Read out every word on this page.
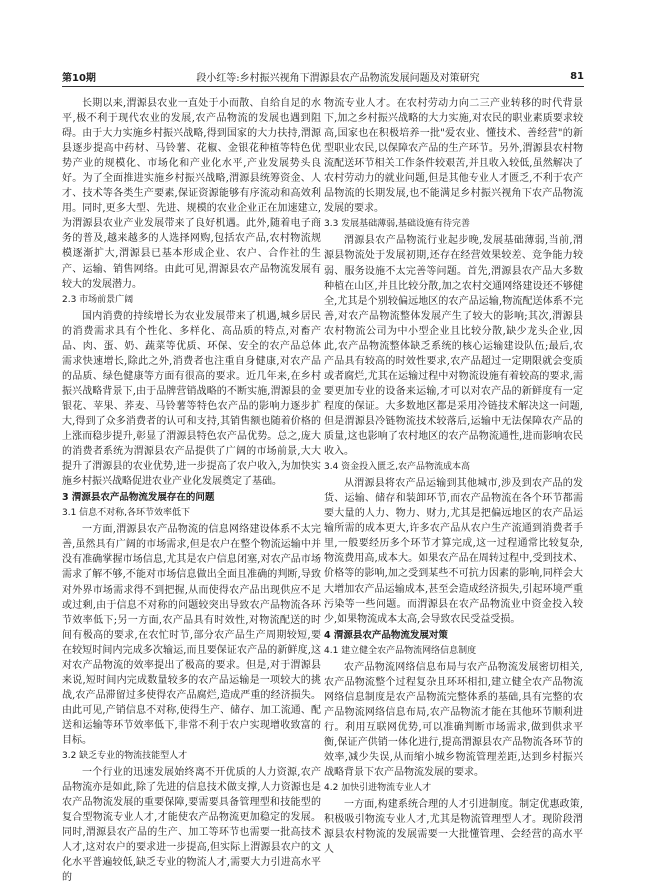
第10期	段小红等:乡村振兴视角下渭源县农产品物流发展问题及对策研究	81

长期以来,渭源县农业一直处于小而散、自给自足的水平,极不利于现代农业的发展,农产品物流的发展也遇到阻碍。由于大力实施乡村振兴战略,得到国家的大力扶持,渭源县逐步提高中药材、马铃薯、花椒、金银花种植等特色优势产业的规模化、市场化和产业化水平,产业发展势头良好。为了全面推进实施乡村振兴战略,渭源县统筹资金、人才、技术等各类生产要素,保证资源能够有序流动和高效利用。同时,更多大型、先进、规模的农业企业正在加速建立,为渭源县农业产业发展带来了良好机遇。此外,随着电子商务的普及,越来越多的人选择网购,包括农产品,农村物流规模逐渐扩大,渭源县已基本形成企业、农户、合作社的生产、运输、销售网络。由此可见,渭源县农产品物流发展有较大的发展潜力。

2.3 市场前景广阔

国内消费的持续增长为农业发展带来了机遇,城乡居民的消费需求具有个性化、多样化、高品质的特点,对畜产品、肉、蛋、奶、蔬菜等优质、环保、安全的农产品总体需求快速增长,除此之外,消费者也注重自身健康,对农产品的品质、绿色健康等方面有很高的要求。近几年来,在乡村振兴战略背景下,由于品牌营销战略的不断实施,渭源县的金银花、苹果、荞麦、马铃薯等特色农产品的影响力逐步扩大,得到了众多消费者的认可和支持,其销售额也随着价格的上涨而稳步提升,彰显了渭源县特色农产品优势。总之,庞大的消费者系统为渭源县农产品提供了广阔的市场前景,大大提升了渭源县的农业优势,进一步提高了农户收入,为加快实施乡村振兴战略促进农业产业化发展奠定了基础。

3 渭源县农产品物流发展存在的问题
3.1 信息不对称,各环节效率低下

一方面,渭源县农产品物流的信息网络建设体系不太完善,虽然具有广阔的市场需求,但是农户在整个物流运输中并没有准确掌握市场信息,尤其是农户信息闭塞,对农产品市场需求了解不够,不能对市场信息做出全面且准确的判断,导致对外界市场需求得不到把握,从而使得农产品出现供应不足或过剩,由于信息不对称的问题较突出导致农产品物流各环节效率低下;另一方面,农产品具有时效性,对物流配送的时间有极高的要求,在农忙时节,部分农产品生产周期较短,要在较短时间内完成多次输运,而且要保证农产品的新鲜度,这对农产品物流的效率提出了极高的要求。但是,对于渭源县来说,短时间内完成数量较多的农产品运输是一项较大的挑战,农产品滞留过多使得农产品腐烂,造成严重的经济损失。由此可见,产销信息不对称,使得生产、储存、加工流通、配送和运输等环节效率低下,非常不利于农户实现增收致富的目标。

3.2 缺乏专业的物流技能型人才

一个行业的迅速发展始终离不开优质的人力资源,农产品物流亦是如此,除了先进的信息技术做支撑,人力资源也是农产品物流发展的重要保障,要需要具备管理型和技能型的复合型物流专业人才,才能使农产品物流更加稳定的发展。同时,渭源县农产品的生产、加工等环节也需要一批高技术人才,这对农户的要求进一步提高,但实际上渭源县农户的文化水平普遍较低,缺乏专业的物流人才,需要大力引进高水平的

物流专业人才。在农村劳动力向二三产业转移的时代背景下,加之乡村振兴战略的大力实施,对农民的职业素质要求较高,国家也在积极培养一批"爱农业、懂技术、善经营"的新型职业农民,以保障农产品的生产环节。另外,渭源县农村物流配送环节相关工作条件较艰苦,并且收入较低,虽然解决了农村劳动力的就业问题,但是其他专业人才匮乏,不利于农产品物流的长期发展,也不能满足乡村振兴视角下农产品物流发展的要求。

3.3 发展基础薄弱,基础设施有待完善

渭源县农产品物流行业起步晚,发展基础薄弱,当前,渭源县物流处于发展初期,还存在经营效果较差、竞争能力较弱、服务设施不太完善等问题。首先,渭源县农产品大多数种植在山区,并且比较分散,加之农村交通网络建设还不够健全,尤其是个别较偏远地区的农产品运输,物流配送体系不完善,对农产品物流整体发展产生了较大的影响;其次,渭源县农村物流公司为中小型企业且比较分散,缺少龙头企业,因此,农产品物流整体缺乏系统的核心运输建设队伍;最后,农产品具有较高的时效性要求,农产品超过一定期限就会变质或者腐烂,尤其在运输过程中对物流设施有着较高的要求,需要更加专业的设备来运输,才可以对农产品的新鲜度有一定程度的保证。大多数地区都是采用冷链技术解决这一问题,但是渭源县冷链物流技术较落后,运输中无法保障农产品的质量,这也影响了农村地区的农产品物流通性,进而影响农民收入。

3.4 资金投入匮乏,农产品物流成本高

从渭源县将农产品运输到其他城市,涉及到农产品的发货、运输、储存和装卸环节,而农产品物流在各个环节都需要大量的人力、物力、财力,尤其是把偏远地区的农产品运输所需的成本更大,许多农产品从农户生产流通到消费者手里,一般要经历多个环节才算完成,这一过程通常比较复杂,物流费用高,成本大。如果农产品在周转过程中,受到技术、价格等的影响,加之受到某些不可抗力因素的影响,同样会大大增加农产品运输成本,甚至会造成经济损失,引起环境严重污染等一些问题。而渭源县在农产品物流业中资金投入较少,如果物流成本太高,会导致农民受益受损。

4 渭源县农产品物流发展对策
4.1 建立健全农产品物流网络信息制度

农产品物流网络信息布局与农产品物流发展密切相关,农产品物流整个过程复杂且环环相扣,建立健全农产品物流网络信息制度是农产品物流完整体系的基础,具有完整的农产品物流网络信息布局,农产品物流才能在其他环节顺利进行。利用互联网优势,可以准确判断市场需求,做到供求平衡,保证产供销一体化进行,提高渭源县农产品物流各环节的效率,减少失误,从而缩小城乡物流管理差距,达到乡村振兴战略背景下农产品物流发展的要求。

4.2 加快引进物流专业人才

一方面,构建系统合理的人才引进制度。制定优惠政策,积极吸引物流专业人才,尤其是物流管理型人才。现阶段渭源县农村物流的发展需要一大批懂管理、会经营的高水平人
